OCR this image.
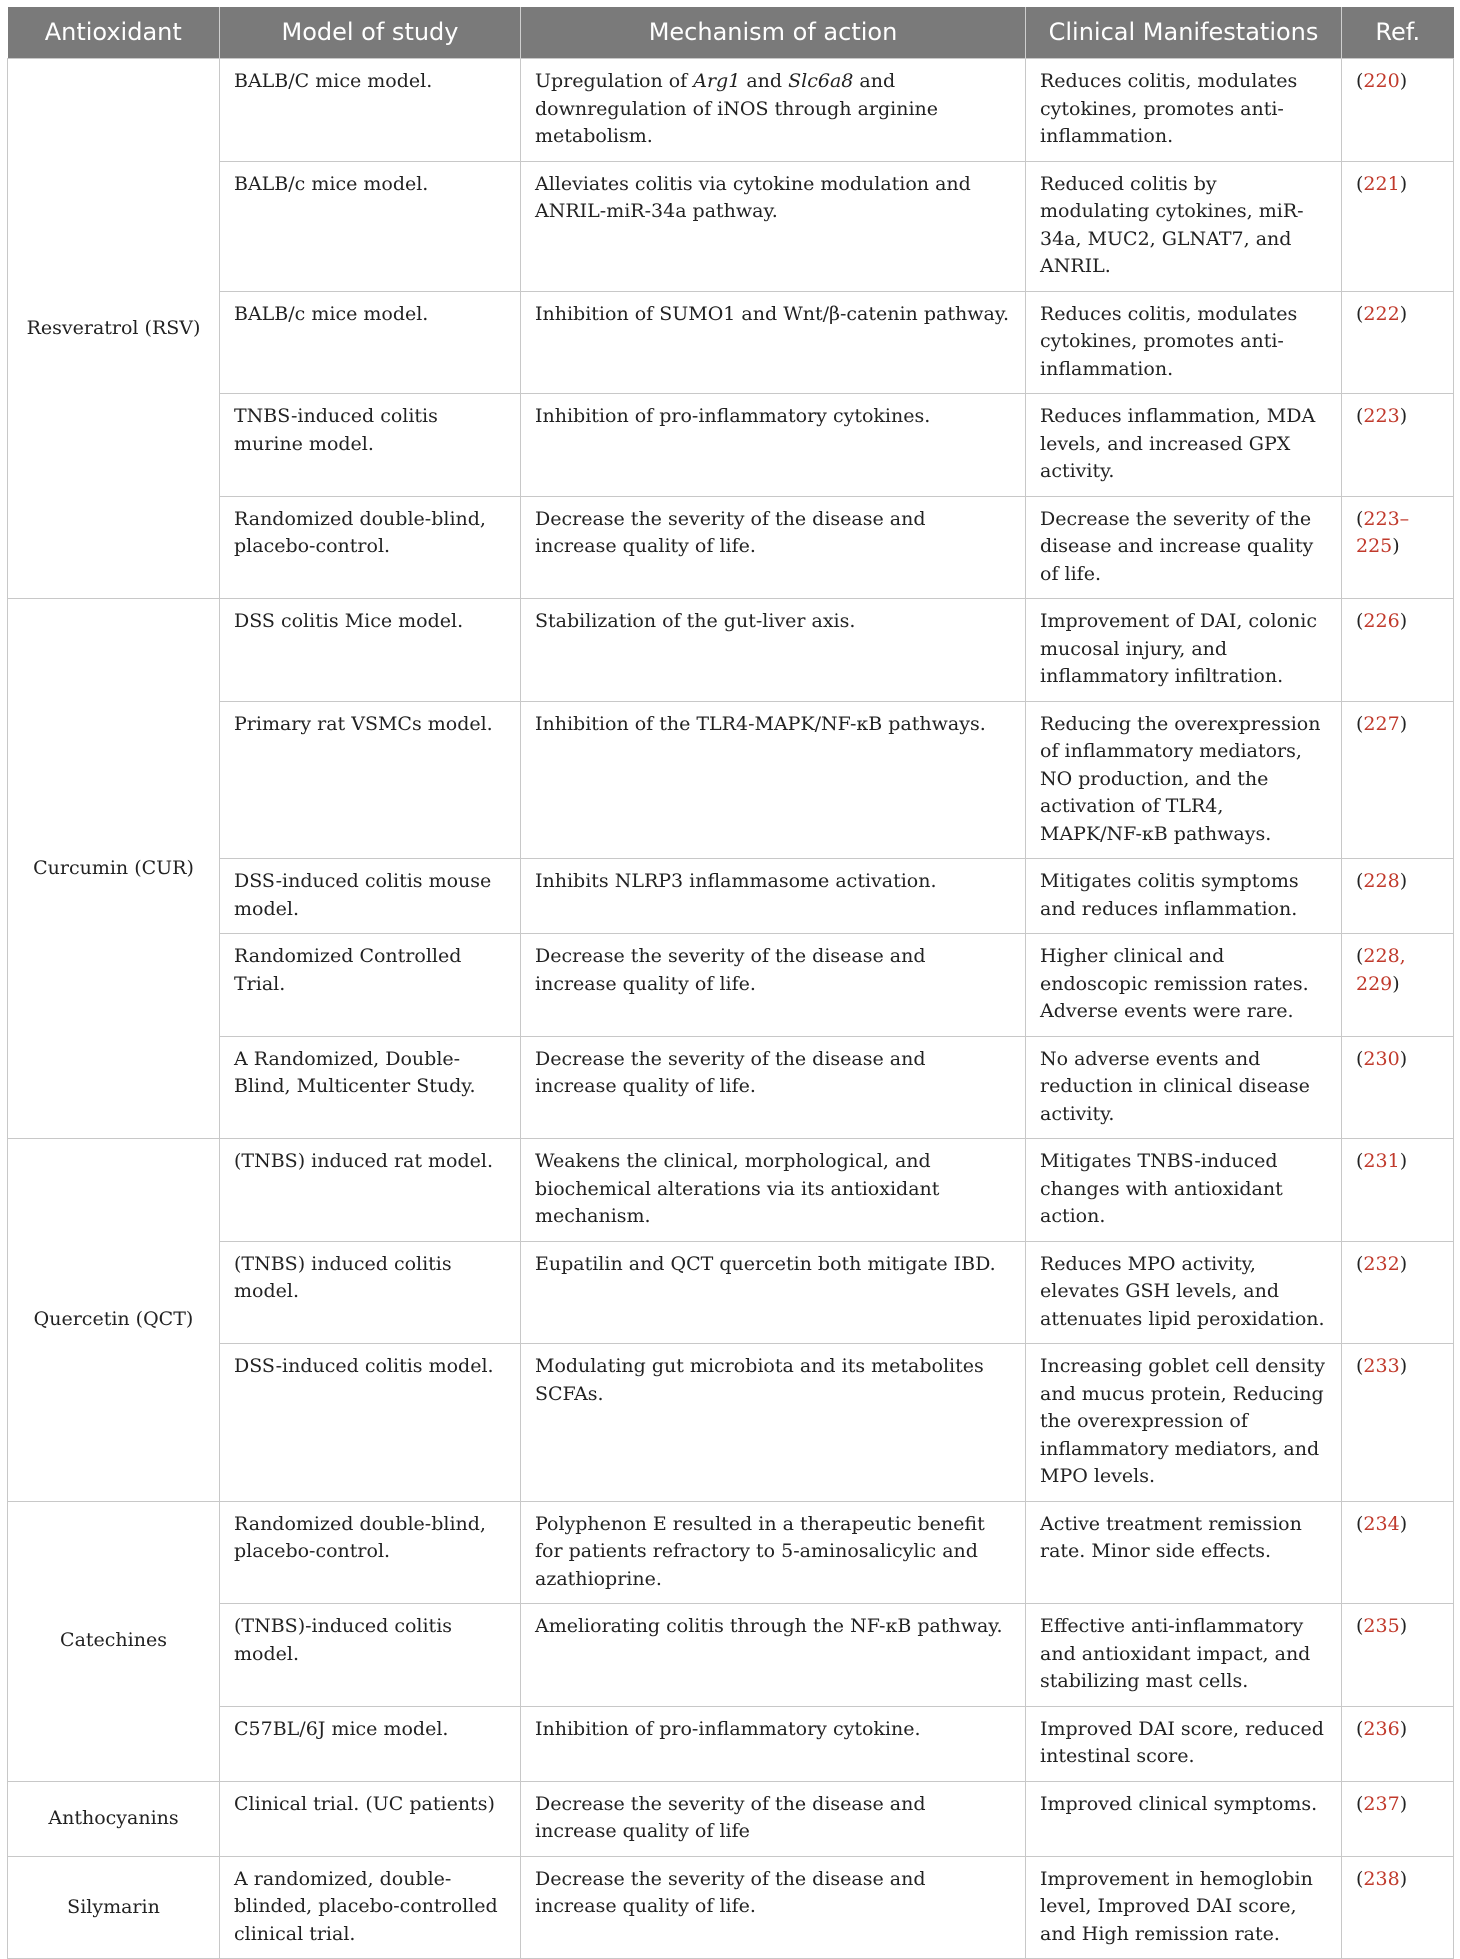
Antioxidant	Model of study	Mechanism of action	Clinical Manifestations	Ref.
Resveratrol (RSV)	BALB/C mice model.	Upregulation of Arg1 and Slc6a8 and downregulation of iNOS through arginine metabolism.	Reduces colitis, modulates cytokines, promotes anti-inflammation.	(220)
	BALB/c mice model.	Alleviates colitis via cytokine modulation and ANRIL-miR-34a pathway.	Reduced colitis by modulating cytokines, miR-34a, MUC2, GLNAT7, and ANRIL.	(221)
	BALB/c mice model.	Inhibition of SUMO1 and Wnt/β-catenin pathway.	Reduces colitis, modulates cytokines, promotes anti-inflammation.	(222)
	TNBS-induced colitis murine model.	Inhibition of pro-inflammatory cytokines.	Reduces inflammation, MDA levels, and increased GPX activity.	(223)
	Randomized double-blind, placebo-control.	Decrease the severity of the disease and increase quality of life.	Decrease the severity of the disease and increase quality of life.	(223–225)
Curcumin (CUR)	DSS colitis Mice model.	Stabilization of the gut-liver axis.	Improvement of DAI, colonic mucosal injury, and inflammatory infiltration.	(226)
	Primary rat VSMCs model.	Inhibition of the TLR4-MAPK/NF-κB pathways.	Reducing the overexpression of inflammatory mediators, NO production, and the activation of TLR4, MAPK/NF-κB pathways.	(227)
	DSS-induced colitis mouse model.	Inhibits NLRP3 inflammasome activation.	Mitigates colitis symptoms and reduces inflammation.	(228)
	Randomized Controlled Trial.	Decrease the severity of the disease and increase quality of life.	Higher clinical and endoscopic remission rates. Adverse events were rare.	(228, 229)
	A Randomized, Double-Blind, Multicenter Study.	Decrease the severity of the disease and increase quality of life.	No adverse events and reduction in clinical disease activity.	(230)
Quercetin (QCT)	(TNBS) induced rat model.	Weakens the clinical, morphological, and biochemical alterations via its antioxidant mechanism.	Mitigates TNBS-induced changes with antioxidant action.	(231)
	(TNBS) induced colitis model.	Eupatilin and QCT quercetin both mitigate IBD.	Reduces MPO activity, elevates GSH levels, and attenuates lipid peroxidation.	(232)
	DSS-induced colitis model.	Modulating gut microbiota and its metabolites SCFAs.	Increasing goblet cell density and mucus protein, Reducing the overexpression of inflammatory mediators, and MPO levels.	(233)
Catechines	Randomized double-blind, placebo-control.	Polyphenon E resulted in a therapeutic benefit for patients refractory to 5-aminosalicylic and azathioprine.	Active treatment remission rate. Minor side effects.	(234)
	(TNBS)-induced colitis model.	Ameliorating colitis through the NF-κB pathway.	Effective anti-inflammatory and antioxidant impact, and stabilizing mast cells.	(235)
	C57BL/6J mice model.	Inhibition of pro-inflammatory cytokine.	Improved DAI score, reduced intestinal score.	(236)
Anthocyanins	Clinical trial. (UC patients)	Decrease the severity of the disease and increase quality of life	Improved clinical symptoms.	(237)
Silymarin	A randomized, double-blinded, placebo-controlled clinical trial.	Decrease the severity of the disease and increase quality of life.	Improvement in hemoglobin level, Improved DAI score, and High remission rate.	(238)
